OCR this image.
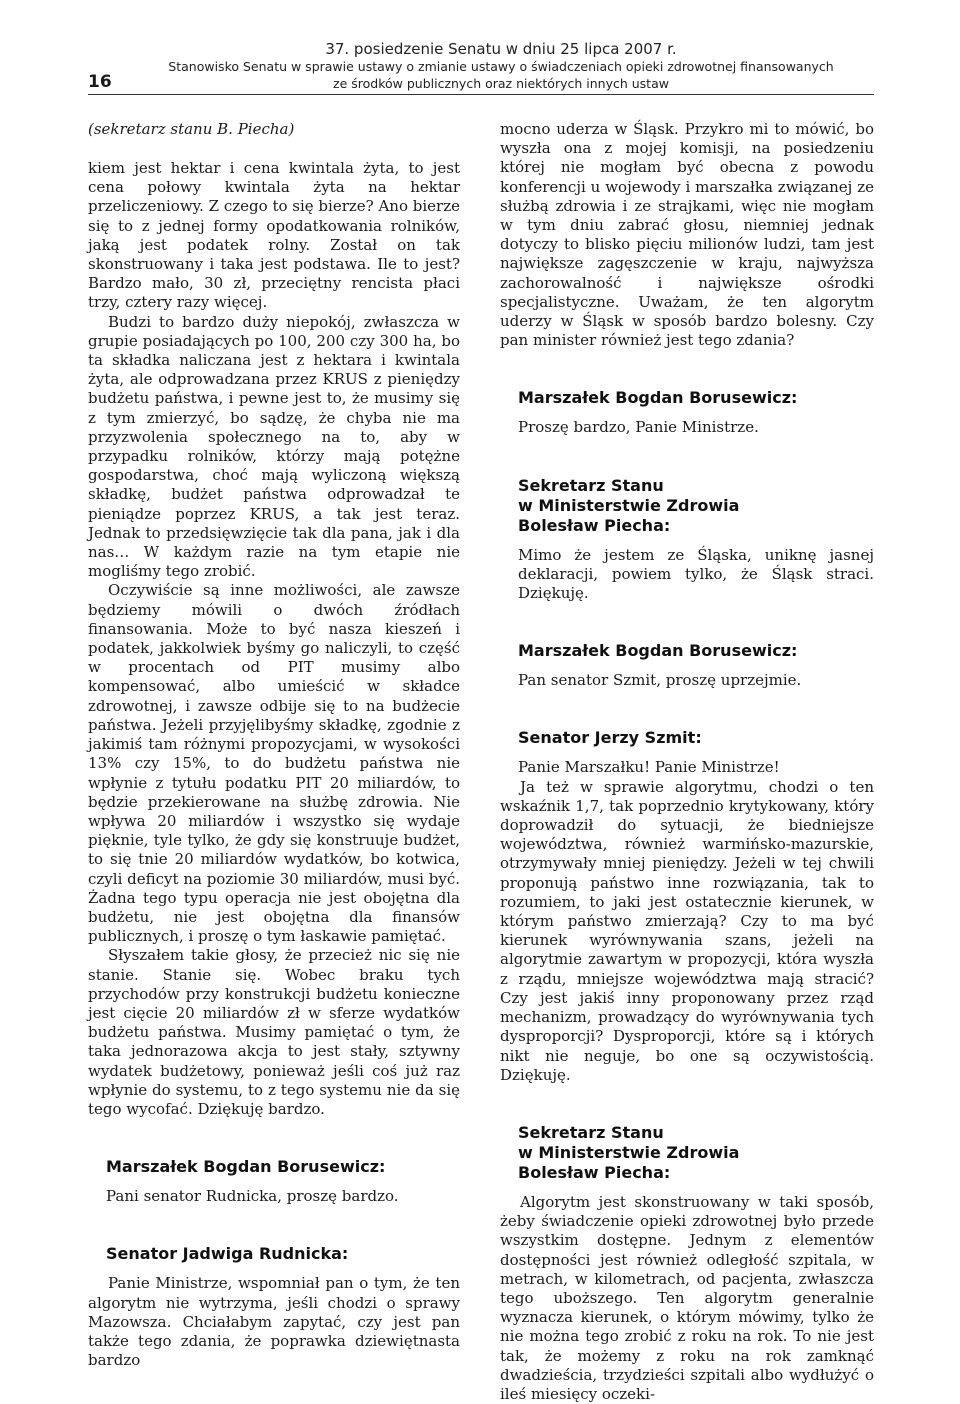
16
37. posiedzenie Senatu w dniu 25 lipca 2007 r.
Stanowisko Senatu w sprawie ustawy o zmianie ustawy o świadczeniach opieki zdrowotnej finansowanych
ze środków publicznych oraz niektórych innych ustaw

(sekretarz stanu B. Piecha)

kiem jest hektar i cena kwintala żyta, to jest cena połowy kwintala żyta na hektar przeliczeniowy. Z czego to się bierze? Ano bierze się to z jednej formy opodatkowania rolników, jaką jest podatek rolny. Został on tak skonstruowany i taka jest podstawa. Ile to jest? Bardzo mało, 30 zł, przeciętny rencista płaci trzy, cztery razy więcej.

Budzi to bardzo duży niepokój, zwłaszcza w grupie posiadających po 100, 200 czy 300 ha, bo ta składka naliczana jest z hektara i kwintala żyta, ale odprowadzana przez KRUS z pieniędzy budżetu państwa, i pewne jest to, że musimy się z tym zmierzyć, bo sądzę, że chyba nie ma przyzwolenia społecznego na to, aby w przypadku rolników, którzy mają potężne gospodarstwa, choć mają wyliczoną większą składkę, budżet państwa odprowadzał te pieniądze poprzez KRUS, a tak jest teraz. Jednak to przedsięwzięcie tak dla pana, jak i dla nas… W każdym razie na tym etapie nie mogliśmy tego zrobić.

Oczywiście są inne możliwości, ale zawsze będziemy mówili o dwóch źródłach finansowania. Może to być nasza kieszeń i podatek, jakkolwiek byśmy go naliczyli, to część w procentach od PIT musimy albo kompensować, albo umieścić w składce zdrowotnej, i zawsze odbije się to na budżecie państwa. Jeżeli przyjęlibyśmy składkę, zgodnie z jakimiś tam różnymi propozycjami, w wysokości 13% czy 15%, to do budżetu państwa nie wpłynie z tytułu podatku PIT 20 miliardów, to będzie przekierowane na służbę zdrowia. Nie wpływa 20 miliardów i wszystko się wydaje pięknie, tyle tylko, że gdy się konstruuje budżet, to się tnie 20 miliardów wydatków, bo kotwica, czyli deficyt na poziomie 30 miliardów, musi być. Żadna tego typu operacja nie jest obojętna dla budżetu, nie jest obojętna dla finansów publicznych, i proszę o tym łaskawie pamiętać.

Słyszałem takie głosy, że przecież nic się nie stanie. Stanie się. Wobec braku tych przychodów przy konstrukcji budżetu konieczne jest cięcie 20 miliardów zł w sferze wydatków budżetu państwa. Musimy pamiętać o tym, że taka jednorazowa akcja to jest stały, sztywny wydatek budżetowy, ponieważ jeśli coś już raz wpłynie do systemu, to z tego systemu nie da się tego wycofać. Dziękuję bardzo.

Marszałek Bogdan Borusewicz:

Pani senator Rudnicka, proszę bardzo.

Senator Jadwiga Rudnicka:

Panie Ministrze, wspomniał pan o tym, że ten algorytm nie wytrzyma, jeśli chodzi o sprawy Mazowsza. Chciałabym zapytać, czy jest pan także tego zdania, że poprawka dziewiętnasta bardzo

mocno uderza w Śląsk. Przykro mi to mówić, bo wyszła ona z mojej komisji, na posiedzeniu której nie mogłam być obecna z powodu konferencji u wojewody i marszałka związanej ze służbą zdrowia i ze strajkami, więc nie mogłam w tym dniu zabrać głosu, niemniej jednak dotyczy to blisko pięciu milionów ludzi, tam jest największe zagęszczenie w kraju, najwyższa zachorowalność i największe ośrodki specjalistyczne. Uważam, że ten algorytm uderzy w Śląsk w sposób bardzo bolesny. Czy pan minister również jest tego zdania?

Marszałek Bogdan Borusewicz:

Proszę bardzo, Panie Ministrze.

Sekretarz Stanu
w Ministerstwie Zdrowia
Bolesław Piecha:

Mimo że jestem ze Śląska, uniknę jasnej deklaracji, powiem tylko, że Śląsk straci. Dziękuję.

Marszałek Bogdan Borusewicz:

Pan senator Szmit, proszę uprzejmie.

Senator Jerzy Szmit:

Panie Marszałku! Panie Ministrze!

Ja też w sprawie algorytmu, chodzi o ten wskaźnik 1,7, tak poprzednio krytykowany, który doprowadził do sytuacji, że biedniejsze województwa, również warmińsko-mazurskie, otrzymywały mniej pieniędzy. Jeżeli w tej chwili proponują państwo inne rozwiązania, tak to rozumiem, to jaki jest ostatecznie kierunek, w którym państwo zmierzają? Czy to ma być kierunek wyrównywania szans, jeżeli na algorytmie zawartym w propozycji, która wyszła z rządu, mniejsze województwa mają stracić? Czy jest jakiś inny proponowany przez rząd mechanizm, prowadzący do wyrównywania tych dysproporcji? Dysproporcji, które są i których nikt nie neguje, bo one są oczywistością. Dziękuję.

Sekretarz Stanu
w Ministerstwie Zdrowia
Bolesław Piecha:

Algorytm jest skonstruowany w taki sposób, żeby świadczenie opieki zdrowotnej było przede wszystkim dostępne. Jednym z elementów dostępności jest również odległość szpitala, w metrach, w kilometrach, od pacjenta, zwłaszcza tego uboższego. Ten algorytm generalnie wyznacza kierunek, o którym mówimy, tylko że nie można tego zrobić z roku na rok. To nie jest tak, że możemy z roku na rok zamknąć dwadzieścia, trzydzieści szpitali albo wydłużyć o ileś miesięcy oczeki-
